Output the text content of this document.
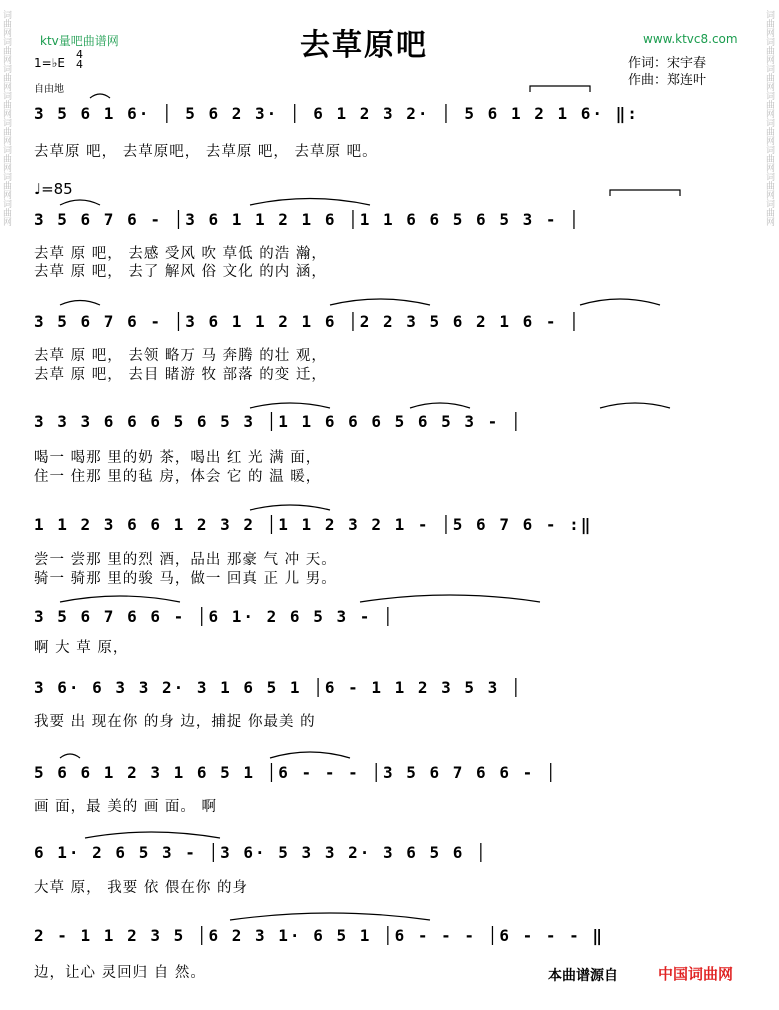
词曲网词曲网词曲网词曲网词曲网词曲网词曲网词曲网	词曲网词曲网词曲网词曲网词曲网词曲网词曲网词曲网
ktv量吧曲谱网	www.ktvc8.com
去草原吧
作词：宋宇春
作曲：郑连叶
1=♭E
4
4
自由地
♩=85
3 5 6 1 6· │ 5 6 2 3· │ 6 1 2 3 2· │ 5 6 1 2 1 6· ‖:
去草原 吧， 去草原吧， 去草原 吧， 去草原 吧。
3 5 6 7 6 - │3 6 1 1 2 1 6 │1 1 6 6 5 6 5 3 - │
去草 原 吧， 去感 受风 吹 草低 的浩 瀚，
去草 原 吧， 去了 解风 俗 文化 的内 涵，
3 5 6 7 6 - │3 6 1 1 2 1 6 │2 2 3 5 6 2 1 6 - │
去草 原 吧， 去领 略万 马 奔腾 的壮 观，
去草 原 吧， 去目 睹游 牧 部落 的变 迁，
3 3 3 6 6 6 5 6 5 3 │1 1 6 6 6 5 6 5 3 - │
喝一 喝那 里的奶 茶，喝出 红 光 满 面，
住一 住那 里的毡 房，体会 它 的 温 暖，
1 1 2 3 6 6 1 2 3 2 │1 1 2 3 2 1 - │5 6 7 6 - :‖
尝一 尝那 里的烈 酒，品出 那豪 气 冲 天。
骑一 骑那 里的骏 马，做一 回真 正 儿 男。
3 5 6 7 6 6 - │6 1· 2 6 5 3 - │
啊 大 草 原，
3 6· 6 3 3 2· 3 1 6 5 1 │6 - 1 1 2 3 5 3 │
我要 出 现在你 的身 边，捕捉 你最美 的
5 6 6 1 2 3 1 6 5 1 │6 - - - │3 5 6 7 6 6 - │
画 面，最 美的 画 面。 啊
6 1· 2 6 5 3 - │3 6· 5 3 3 2· 3 6 5 6 │
大草 原， 我要 依 偎在你 的身
2 - 1 1 2 3 5 │6 2 3 1· 6 5 1 │6 - - - │6 - - - ‖
边，让心 灵回归 自 然。	本曲谱源自	中国词曲网
